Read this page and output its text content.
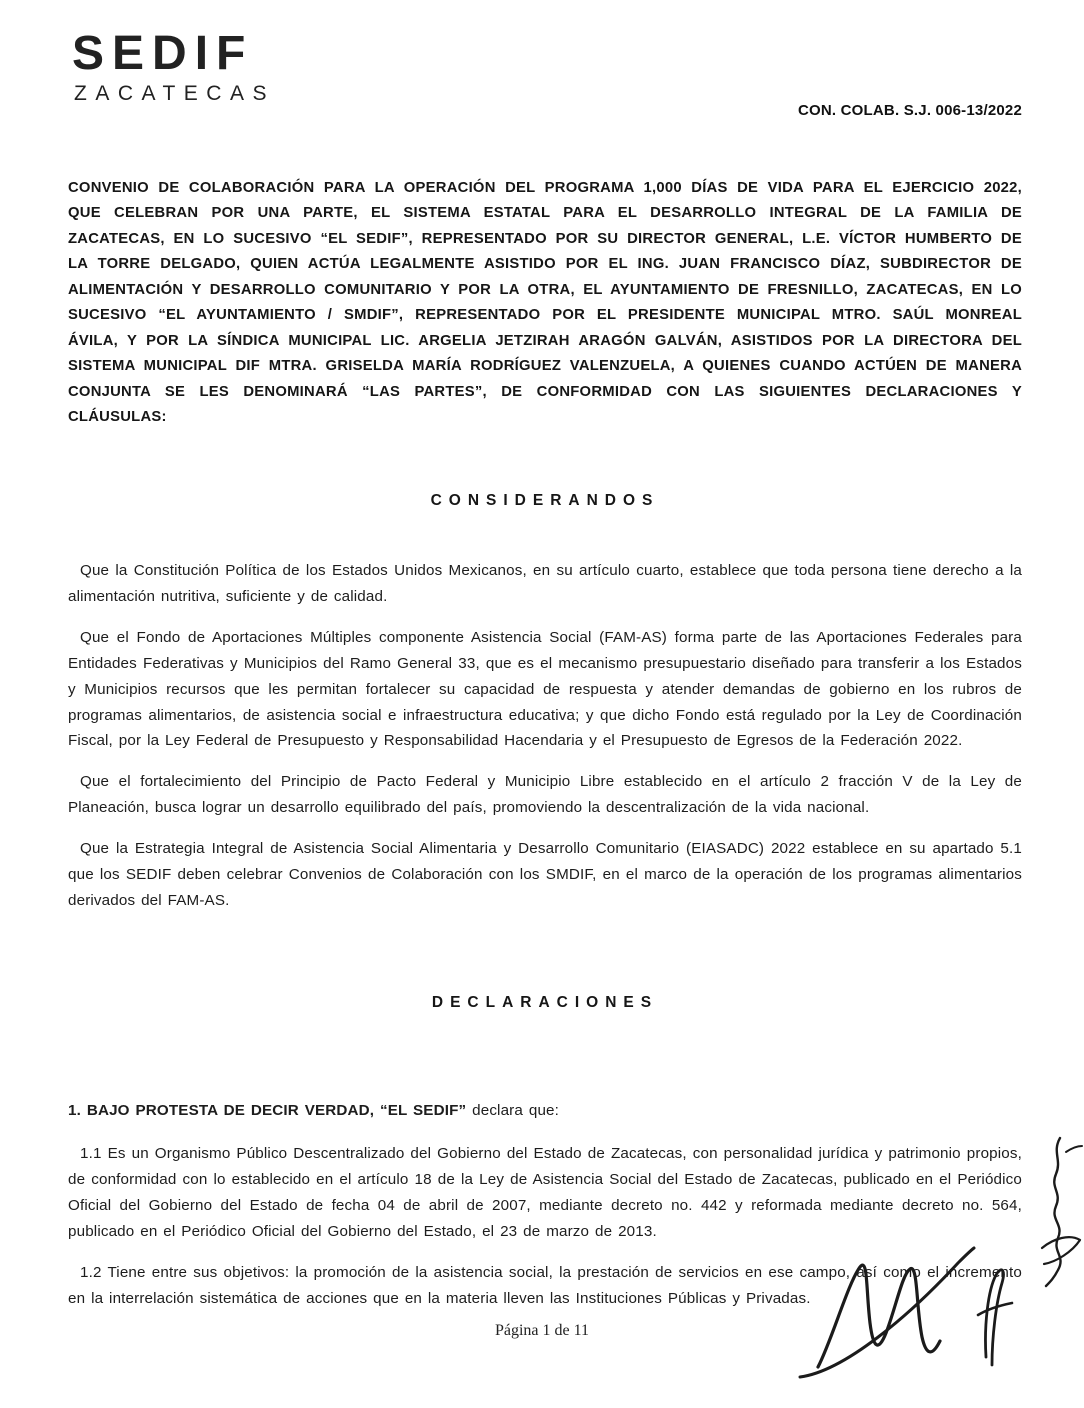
SEDIF
ZACATECAS
CON. COLAB. S.J. 006-13/2022

CONVENIO DE COLABORACIÓN PARA LA OPERACIÓN DEL PROGRAMA 1,000 DÍAS DE VIDA PARA EL EJERCICIO 2022, QUE CELEBRAN POR UNA PARTE, EL SISTEMA ESTATAL PARA EL DESARROLLO INTEGRAL DE LA FAMILIA DE ZACATECAS, EN LO SUCESIVO “EL SEDIF”, REPRESENTADO POR SU DIRECTOR GENERAL, L.E. VÍCTOR HUMBERTO DE LA TORRE DELGADO, QUIEN ACTÚA LEGALMENTE ASISTIDO POR EL ING. JUAN FRANCISCO DÍAZ, SUBDIRECTOR DE ALIMENTACIÓN Y DESARROLLO COMUNITARIO Y POR LA OTRA, EL AYUNTAMIENTO DE FRESNILLO, ZACATECAS, EN LO SUCESIVO “EL AYUNTAMIENTO / SMDIF”, REPRESENTADO POR EL PRESIDENTE MUNICIPAL MTRO. SAÚL MONREAL ÁVILA, Y POR LA SÍNDICA MUNICIPAL LIC. ARGELIA JETZIRAH ARAGÓN GALVÁN, ASISTIDOS POR LA DIRECTORA DEL SISTEMA MUNICIPAL DIF MTRA. GRISELDA MARÍA RODRÍGUEZ VALENZUELA, A QUIENES CUANDO ACTÚEN DE MANERA CONJUNTA SE LES DENOMINARÁ “LAS PARTES”, DE CONFORMIDAD CON LAS SIGUIENTES DECLARACIONES Y CLÁUSULAS:

CONSIDERANDOS

Que la Constitución Política de los Estados Unidos Mexicanos, en su artículo cuarto, establece que toda persona tiene derecho a la alimentación nutritiva, suficiente y de calidad.

Que el Fondo de Aportaciones Múltiples componente Asistencia Social (FAM-AS) forma parte de las Aportaciones Federales para Entidades Federativas y Municipios del Ramo General 33, que es el mecanismo presupuestario diseñado para transferir a los Estados y Municipios recursos que les permitan fortalecer su capacidad de respuesta y atender demandas de gobierno en los rubros de programas alimentarios, de asistencia social e infraestructura educativa; y que dicho Fondo está regulado por la Ley de Coordinación Fiscal, por la Ley Federal de Presupuesto y Responsabilidad Hacendaria y el Presupuesto de Egresos de la Federación 2022.

Que el fortalecimiento del Principio de Pacto Federal y Municipio Libre establecido en el artículo 2 fracción V de la Ley de Planeación, busca lograr un desarrollo equilibrado del país, promoviendo la descentralización de la vida nacional.

Que la Estrategia Integral de Asistencia Social Alimentaria y Desarrollo Comunitario (EIASADC) 2022 establece en su apartado 5.1 que los SEDIF deben celebrar Convenios de Colaboración con los SMDIF, en el marco de la operación de los programas alimentarios derivados del FAM-AS.

DECLARACIONES

1. BAJO PROTESTA DE DECIR VERDAD, “EL SEDIF” declara que:

1.1 Es un Organismo Público Descentralizado del Gobierno del Estado de Zacatecas, con personalidad jurídica y patrimonio propios, de conformidad con lo establecido en el artículo 18 de la Ley de Asistencia Social del Estado de Zacatecas, publicado en el Periódico Oficial del Gobierno del Estado de fecha 04 de abril de 2007, mediante decreto no. 442 y reformada mediante decreto no. 564, publicado en el Periódico Oficial del Gobierno del Estado, el 23 de marzo de 2013.

1.2 Tiene entre sus objetivos: la promoción de la asistencia social, la prestación de servicios en ese campo, así como el incremento en la interrelación sistemática de acciones que en la materia lleven las Instituciones Públicas y Privadas.

Página 1 de 11
